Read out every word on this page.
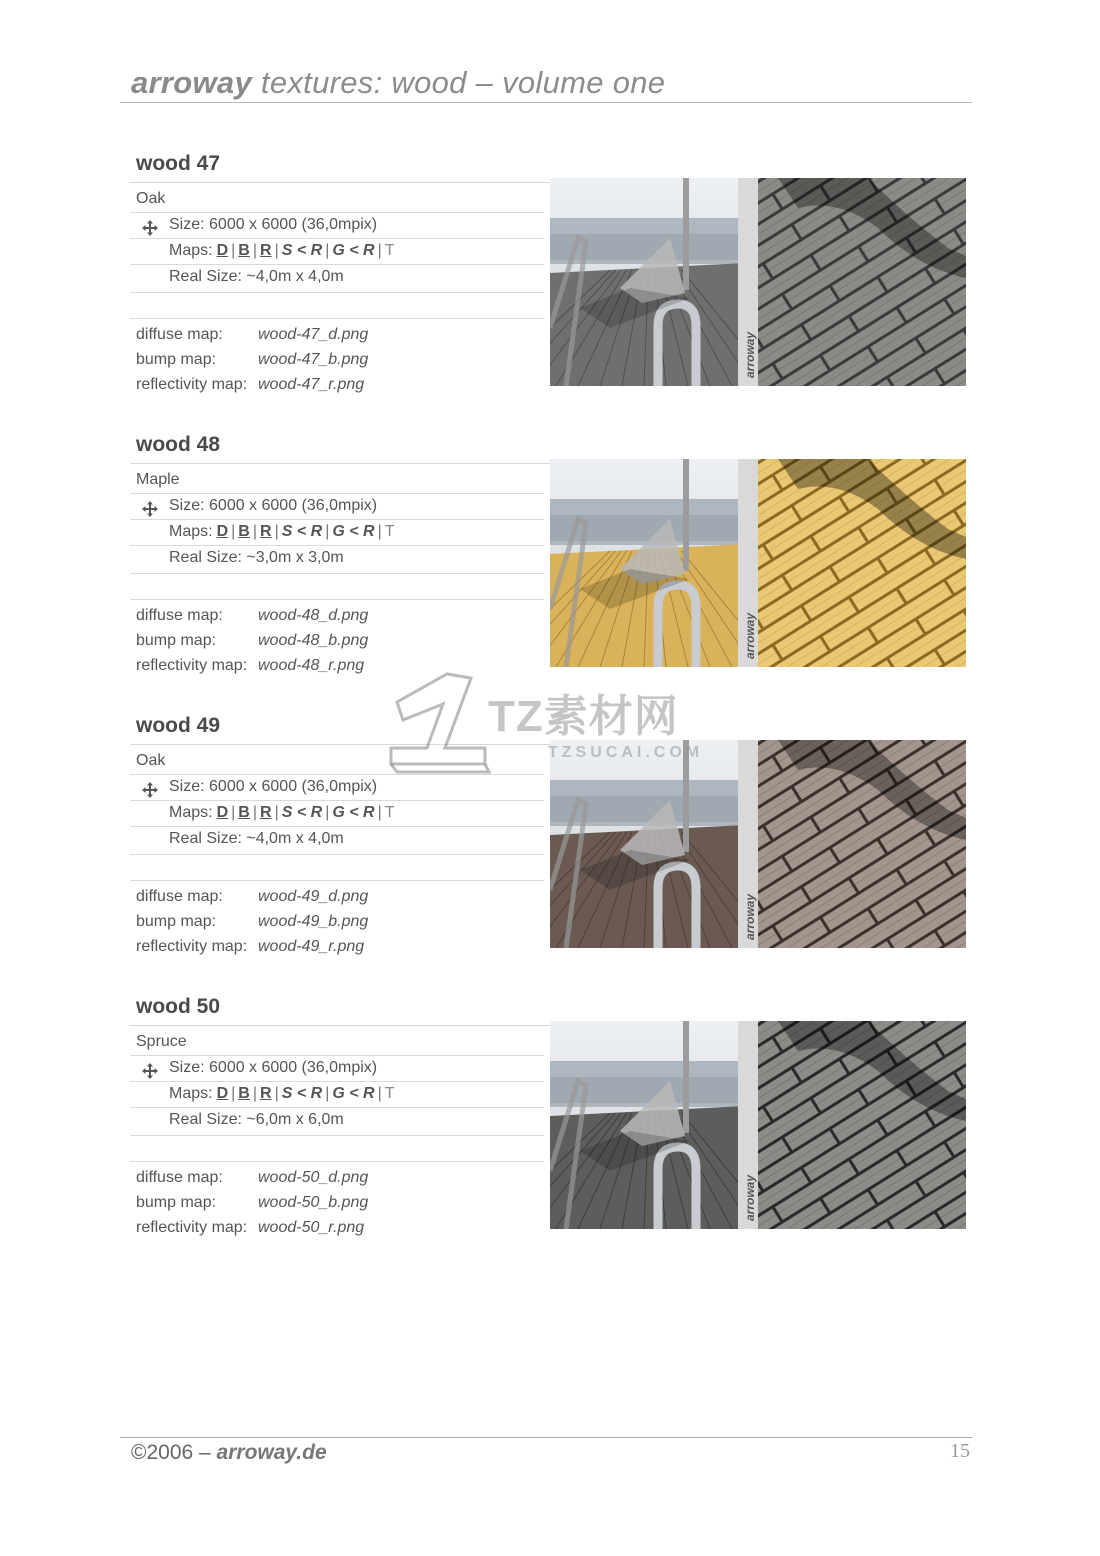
arroway textures: wood – volume one
wood 47
Oak
Size: 6000 x 6000 (36,0mpix)
Maps: D | B | R | S < R | G < R | T
Real Size: ~4,0m x 4,0m
diffuse map: wood-47_d.png
bump map:	wood-47_b.png
reflectivity map: wood-47_r.png
arroway
wood 48
Maple
Size: 6000 x 6000 (36,0mpix)
Maps: D | B | R | S < R | G < R | T
Real Size: ~3,0m x 3,0m
diffuse map: wood-48_d.png
bump map:	wood-48_b.png
reflectivity map: wood-48_r.png
arroway
wood 49
Oak
Size: 6000 x 6000 (36,0mpix)
Maps: D | B | R | S < R | G < R | T
Real Size: ~4,0m x 4,0m
diffuse map: wood-49_d.png
bump map:	wood-49_b.png
reflectivity map: wood-49_r.png
arroway
wood 50
Spruce
Size: 6000 x 6000 (36,0mpix)
Maps: D | B | R | S < R | G < R | T
Real Size: ~6,0m x 6,0m
diffuse map: wood-50_d.png
bump map:	wood-50_b.png
reflectivity map: wood-50_r.png
arroway
TZ素材网
TZSUCAI.COM
©2006 – arroway.de	15
